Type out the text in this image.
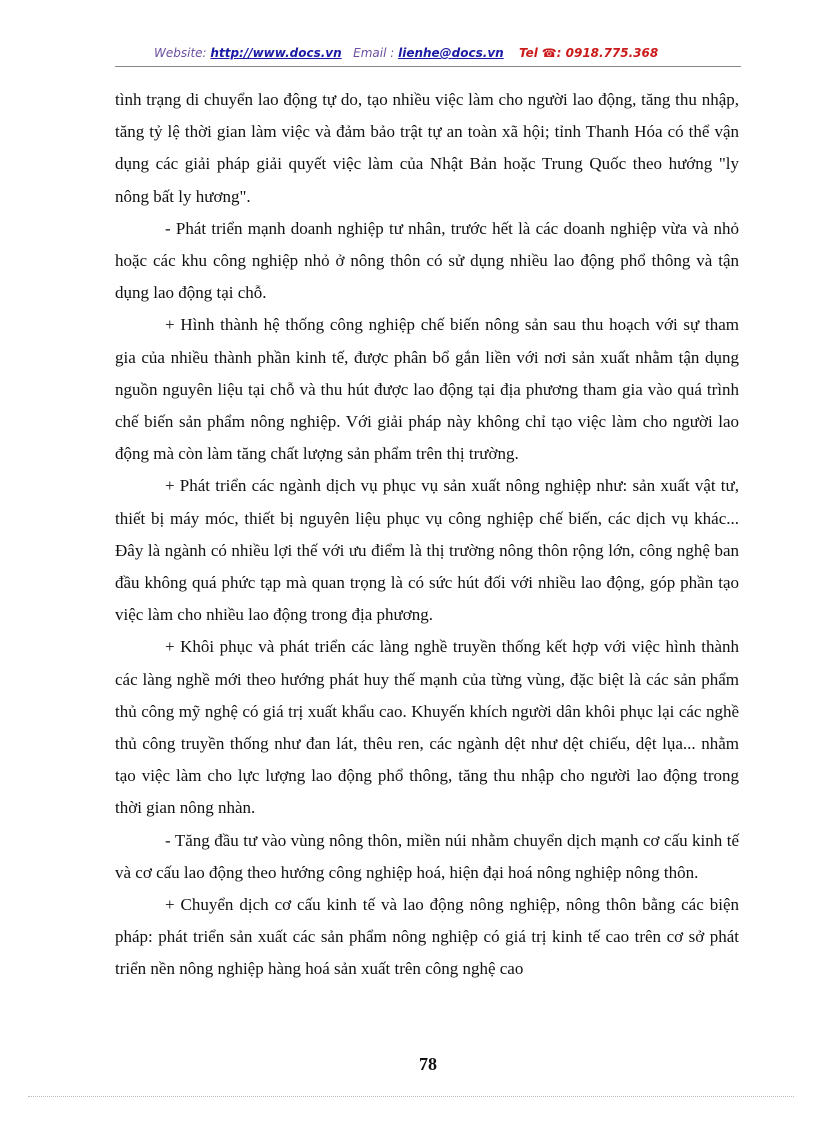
Website: http://www.docs.vn Email : lienhe@docs.vn Tel ☎: 0918.775.368

tình trạng di chuyển lao động tự do, tạo nhiều việc làm cho người lao động, tăng thu nhập, tăng tỷ lệ thời gian làm việc và đảm bảo trật tự an toàn xã hội; tỉnh Thanh Hóa có thể vận dụng các giải pháp giải quyết việc làm của Nhật Bản hoặc Trung Quốc theo hướng "ly nông bất ly hương".

- Phát triển mạnh doanh nghiệp tư nhân, trước hết là các doanh nghiệp vừa và nhỏ hoặc các khu công nghiệp nhỏ ở nông thôn có sử dụng nhiều lao động phổ thông và tận dụng lao động tại chỗ.

+ Hình thành hệ thống công nghiệp chế biến nông sản sau thu hoạch với sự tham gia của nhiều thành phần kinh tế, được phân bổ gắn liền với nơi sản xuất nhằm tận dụng nguồn nguyên liệu tại chỗ và thu hút được lao động tại địa phương tham gia vào quá trình chế biến sản phẩm nông nghiệp. Với giải pháp này không chỉ tạo việc làm cho người lao động mà còn làm tăng chất lượng sản phẩm trên thị trường.

+ Phát triển các ngành dịch vụ phục vụ sản xuất nông nghiệp như: sản xuất vật tư, thiết bị máy móc, thiết bị nguyên liệu phục vụ công nghiệp chế biến, các dịch vụ khác... Đây là ngành có nhiều lợi thế với ưu điểm là thị trường nông thôn rộng lớn, công nghệ ban đầu không quá phức tạp mà quan trọng là có sức hút đối với nhiều lao động, góp phần tạo việc làm cho nhiều lao động trong địa phương.

+ Khôi phục và phát triển các làng nghề truyền thống kết hợp với việc hình thành các làng nghề mới theo hướng phát huy thế mạnh của từng vùng, đặc biệt là các sản phẩm thủ công mỹ nghệ có giá trị xuất khẩu cao. Khuyến khích người dân khôi phục lại các nghề thủ công truyền thống như đan lát, thêu ren, các ngành dệt như dệt chiếu, dệt lụa... nhằm tạo việc làm cho lực lượng lao động phổ thông, tăng thu nhập cho người lao động trong thời gian nông nhàn.

- Tăng đầu tư vào vùng nông thôn, miền núi nhằm chuyển dịch mạnh cơ cấu kinh tế và cơ cấu lao động theo hướng công nghiệp hoá, hiện đại hoá nông nghiệp nông thôn.

+ Chuyển dịch cơ cấu kinh tế và lao động nông nghiệp, nông thôn bằng các biện pháp: phát triển sản xuất các sản phẩm nông nghiệp có giá trị kinh tế cao trên cơ sở phát triển nền nông nghiệp hàng hoá sản xuất trên công nghệ cao

78
